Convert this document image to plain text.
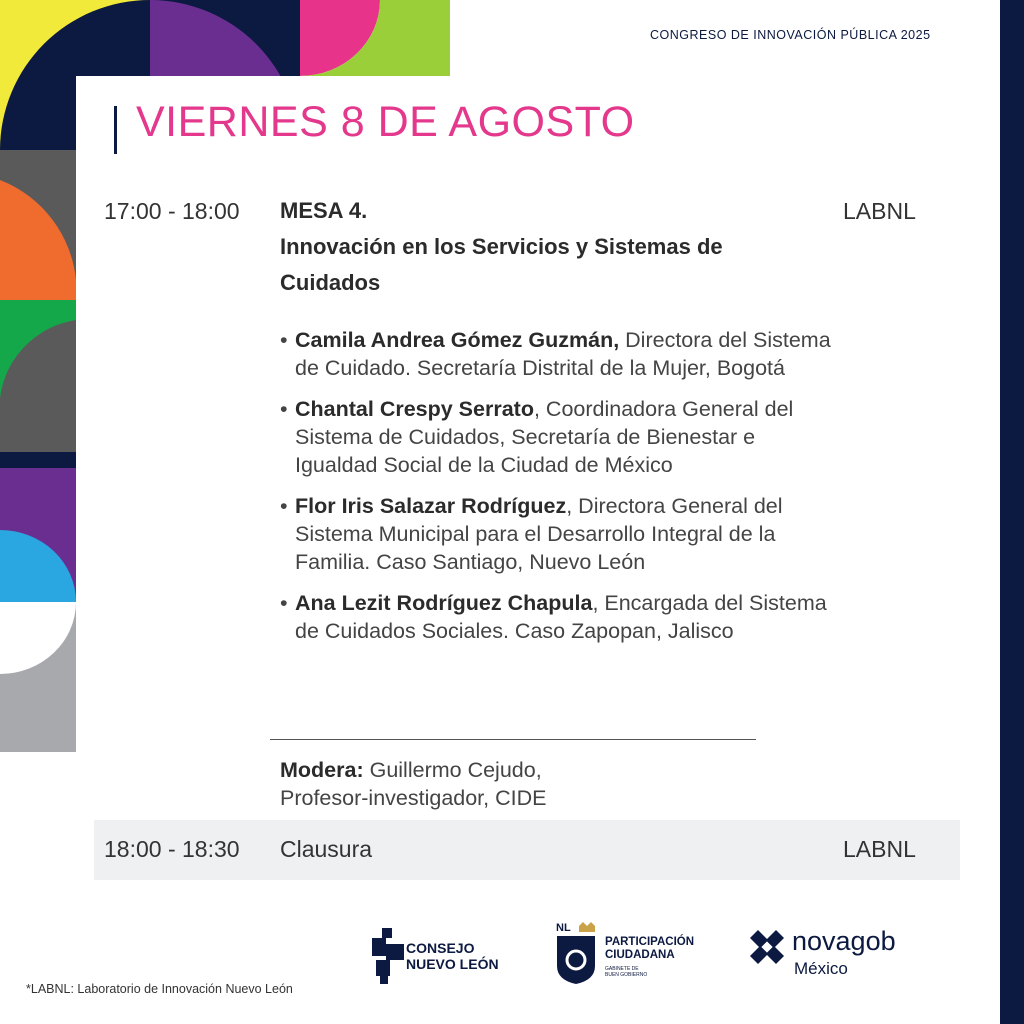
CONGRESO DE INNOVACIÓN PÚBLICA 2025
VIERNES 8 DE AGOSTO
17:00 - 18:00 MESA 4.
Innovación en los Servicios y Sistemas de Cuidados
LABNL
• Camila Andrea Gómez Guzmán, Directora del Sistema de Cuidado. Secretaría Distrital de la Mujer, Bogotá
• Chantal Crespy Serrato, Coordinadora General del Sistema de Cuidados, Secretaría de Bienestar e Igualdad Social de la Ciudad de México
• Flor Iris Salazar Rodríguez, Directora General del Sistema Municipal para el Desarrollo Integral de la Familia. Caso Santiago, Nuevo León
• Ana Lezit Rodríguez Chapula, Encargada del Sistema de Cuidados Sociales. Caso Zapopan, Jalisco
Modera: Guillermo Cejudo,
Profesor-investigador, CIDE
18:00 - 18:30 Clausura	LABNL
CONSEJO
NUEVO LEÓN
NL
PARTICIPACIÓN
CIUDADANA
GABINETE DE
BUEN GOBIERNO
novagob
México
*LABNL: Laboratorio de Innovación Nuevo León
